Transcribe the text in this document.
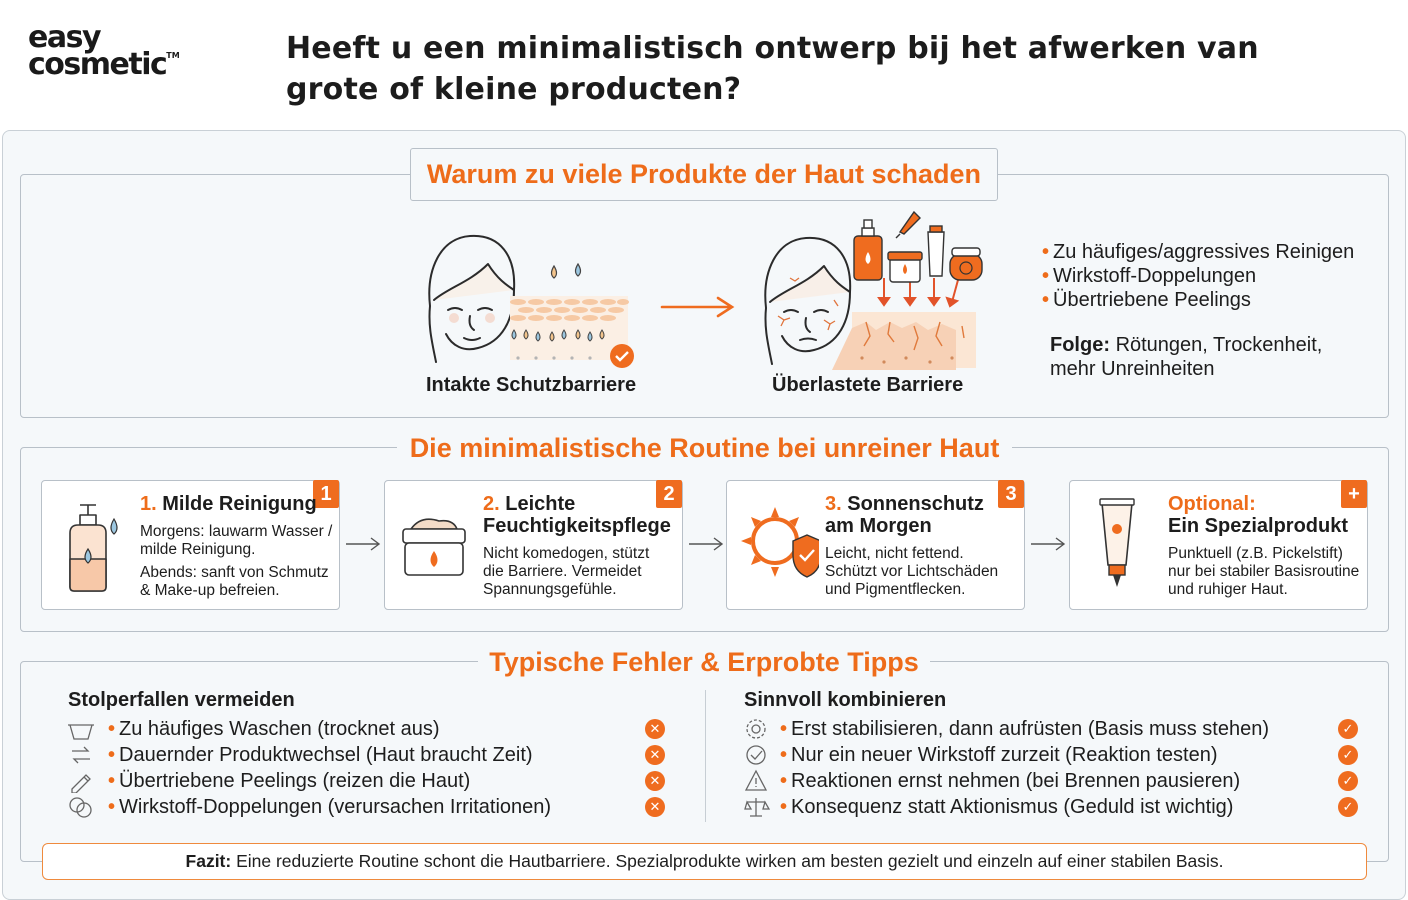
easy
cosmetic™	Heeft u een minimalistisch ontwerp bij het afwerken van grote of kleine producten?
Warum zu viele Produkte der Haut schaden
Intakte Schutzbarriere	Überlastete Barriere
• Zu häufiges/aggressives Reinigen
• Wirkstoff-Doppelungen
• Übertriebene Peelings
Folge: Rötungen, Trockenheit, mehr Unreinheiten
Die minimalistische Routine bei unreiner Haut
1
1. Milde Reinigung
Morgens: lauwarm Wasser /
milde Reinigung.
Abends: sanft von Schmutz
& Make-up befreien.
2
2. Leichte
Feuchtigkeitspflege
Nicht komedogen, stützt
die Barriere. Vermeidet
Spannungsgefühle.
3
3. Sonnenschutz
am Morgen
Leicht, nicht fettend.
Schützt vor Lichtschäden
und Pigmentflecken.
+
Optional:
Ein Spezialprodukt
Punktuell (z.B. Pickelstift)
nur bei stabiler Basisroutine
und ruhiger Haut.
Typische Fehler & Erprobte Tipps
Stolperfallen vermeiden	Sinnvoll kombinieren
• Zu häufiges Waschen (trocknet aus)	✕
• Dauernder Produktwechsel (Haut braucht Zeit)	✕
• Übertriebene Peelings (reizen die Haut)	✕
• Wirkstoff-Doppelungen (verursachen Irritationen)	✕
• Erst stabilisieren, dann aufrüsten (Basis muss stehen)	✓
• Nur ein neuer Wirkstoff zurzeit (Reaktion testen)	✓
• Reaktionen ernst nehmen (bei Brennen pausieren)	✓
• Konsequenz statt Aktionismus (Geduld ist wichtig)	✓
Fazit: Eine reduzierte Routine schont die Hautbarriere. Spezialprodukte wirken am besten gezielt und einzeln auf einer stabilen Basis.
